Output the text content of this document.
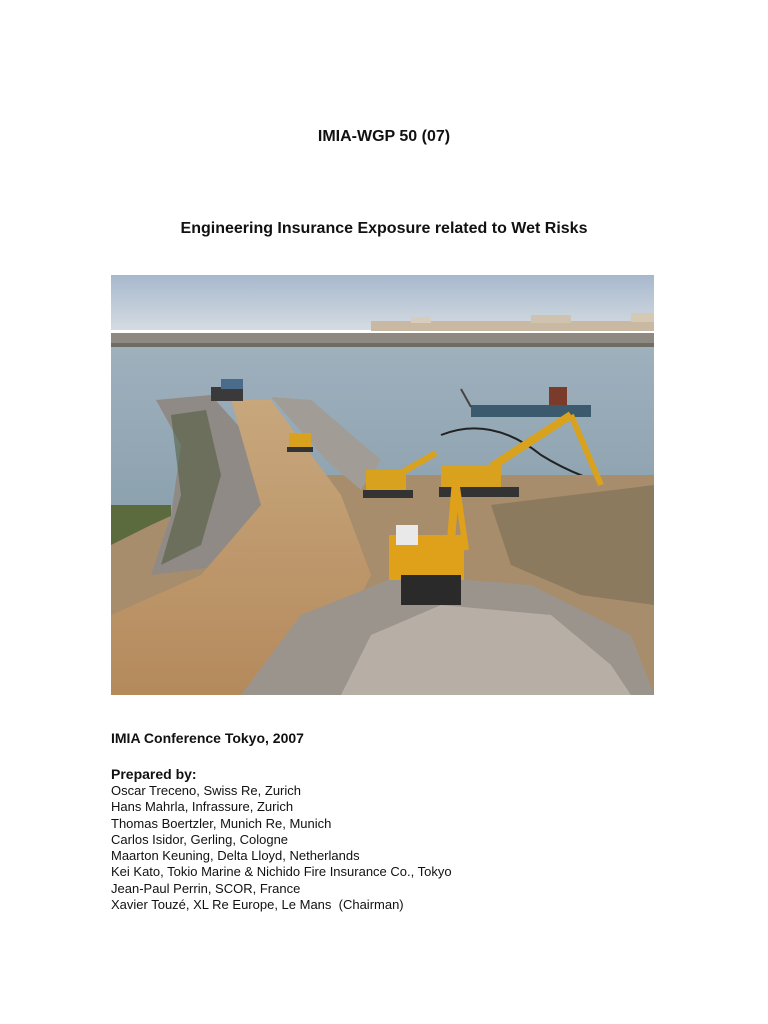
IMIA-WGP 50 (07)
Engineering Insurance Exposure related to Wet Risks
IMIA Conference Tokyo, 2007
Prepared by:
Oscar Treceno, Swiss Re, Zurich
Hans Mahrla, Infrassure, Zurich
Thomas Boertzler, Munich Re, Munich
Carlos Isidor, Gerling, Cologne
Maarton Keuning, Delta Lloyd, Netherlands
Kei Kato, Tokio Marine & Nichido Fire Insurance Co., Tokyo
Jean-Paul Perrin, SCOR, France
Xavier Touzé, XL Re Europe, Le Mans  (Chairman)
